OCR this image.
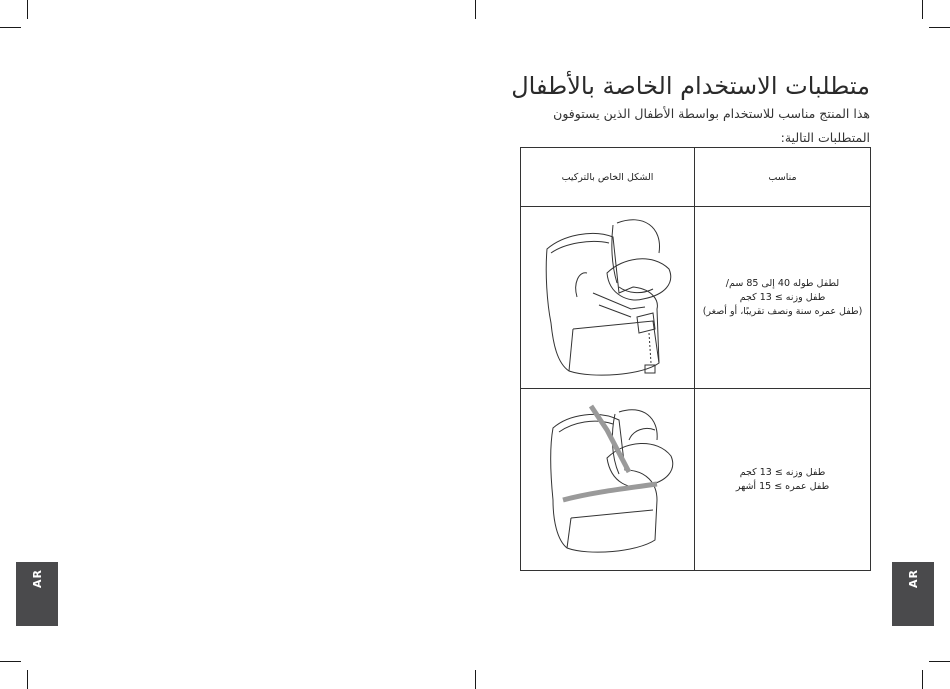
AR	AR
متطلبات الاستخدام الخاصة بالأطفال
هذا المنتج مناسب للاستخدام بواسطة الأطفال الذين يستوفون المتطلبات التالية:
مناسب	الشكل الخاص بالتركيب

لطفل طوله 40 إلى 85 سم/
طفل وزنه ≥ 13 كجم
(طفل عمره سنة ونصف تقريبًا، أو أصغر)

طفل وزنه ≥ 13 كجم
طفل عمره ≥ 15 أشهر
